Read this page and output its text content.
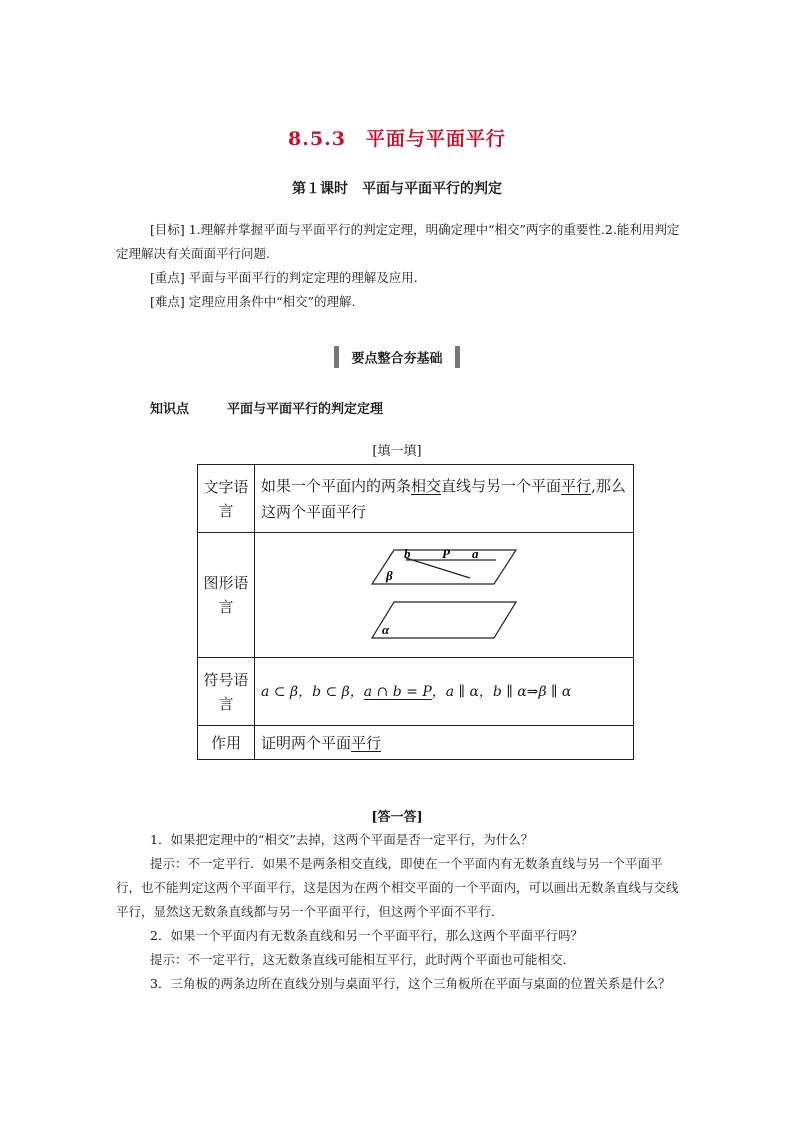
8.5.3　平面与平面平行
第１课时　平面与平面平行的判定
[目标] 1.理解并掌握平面与平面平行的判定定理，明确定理中“相交”两字的重要性.2.能利用判定定理解决有关面面平行问题.
[重点] 平面与平面平行的判定定理的理解及应用.
[难点] 定理应用条件中“相交”的理解.
要点整合夯基础
知识点	平面与平面平行的判定定理
[填一填]
文字语言	如果一个平面内的两条相交直线与另一个平面平行,那么这两个平面平行
图形语言	b P a
β
α

符号语言	a ⊂ β，b ⊂ β，a ∩ b = P，a ∥ α，b ∥ α⇒β ∥ α
作用	证明两个平面平行
[答一答]
1．如果把定理中的“相交”去掉，这两个平面是否一定平行，为什么？
提示：不一定平行．如果不是两条相交直线，即使在一个平面内有无数条直线与另一个平面平行，也不能判定这两个平面平行，这是因为在两个相交平面的一个平面内，可以画出无数条直线与交线平行，显然这无数条直线都与另一个平面平行，但这两个平面不平行．
2．如果一个平面内有无数条直线和另一个平面平行，那么这两个平面平行吗？
提示：不一定平行，这无数条直线可能相互平行，此时两个平面也可能相交．
3．三角板的两条边所在直线分别与桌面平行，这个三角板所在平面与桌面的位置关系是什么？
